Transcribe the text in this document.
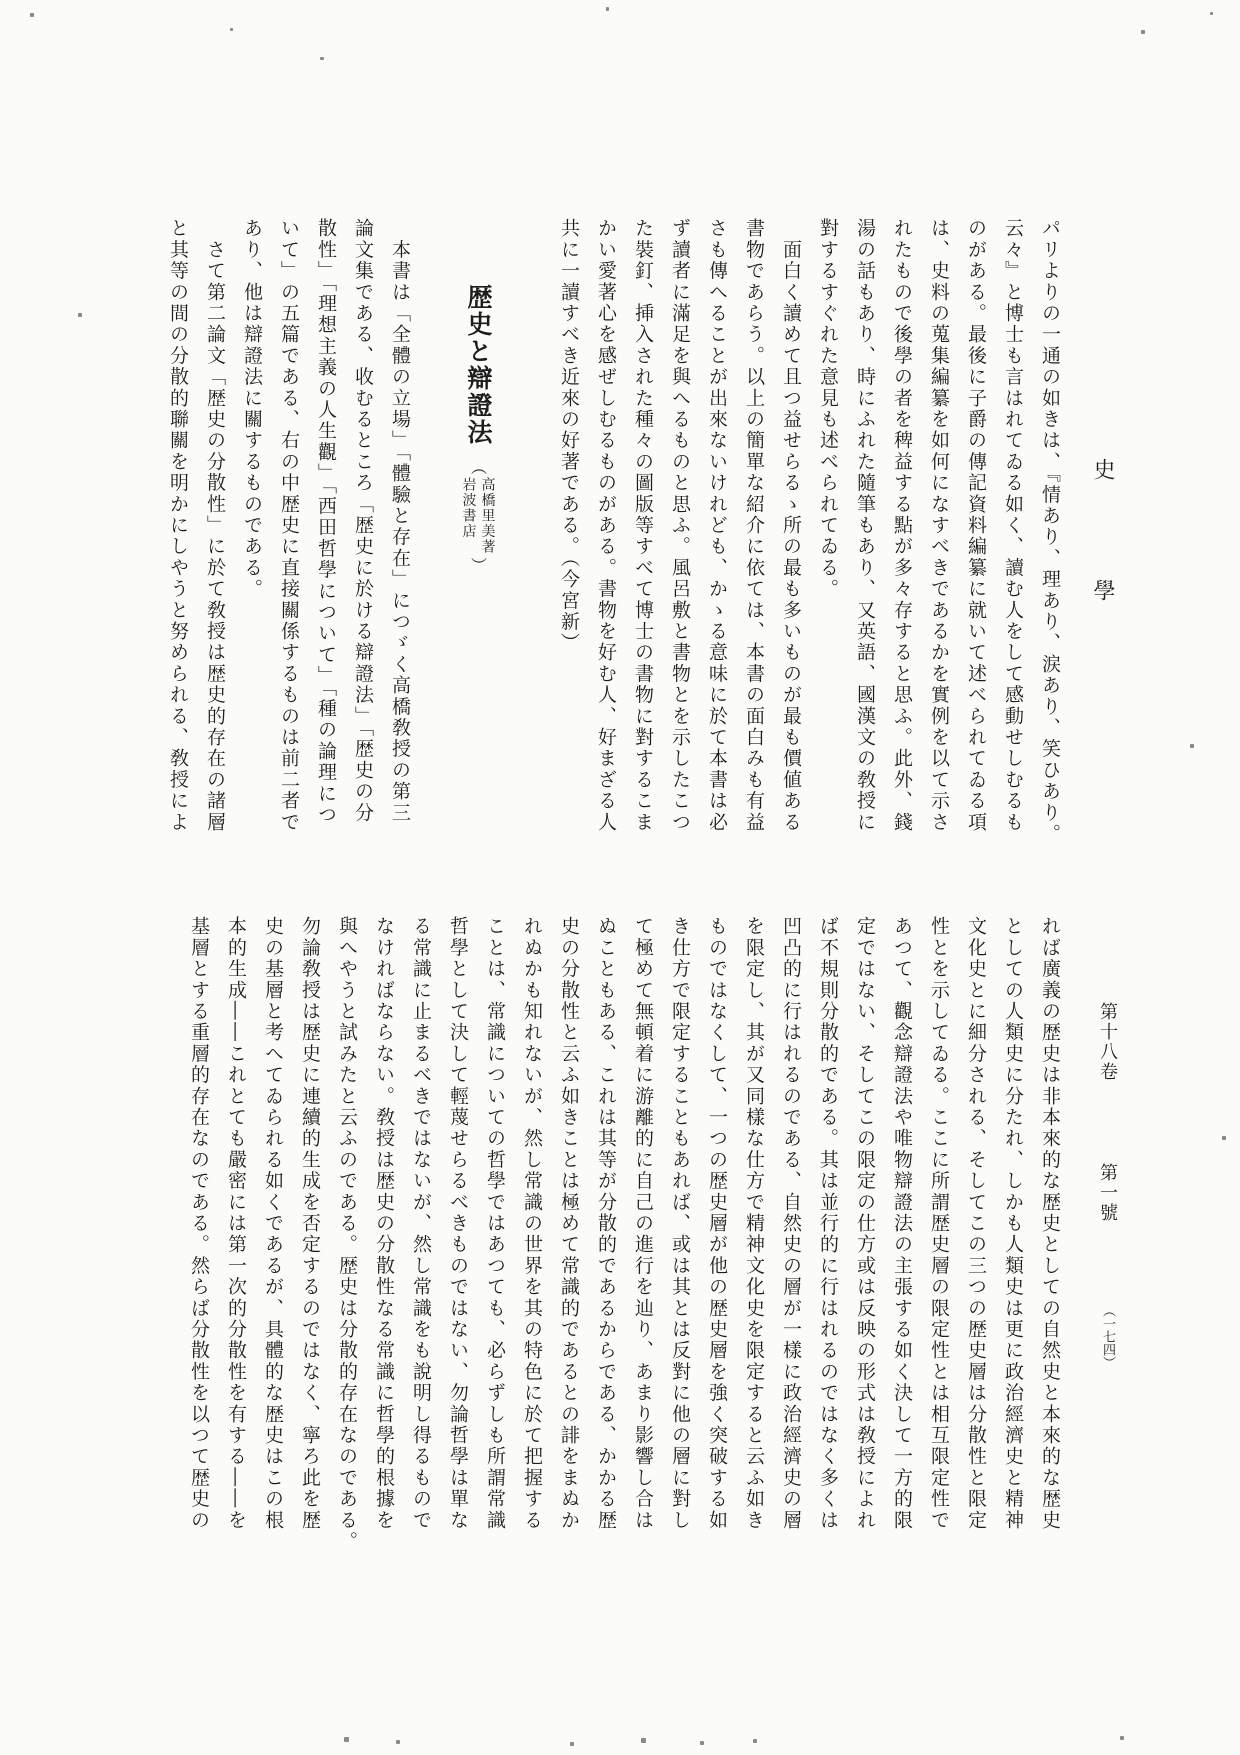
史學
パリよりの一通の如きは、『情あり、理あり、涙あり、笑ひあり。
云々』と博士も言はれてゐる如く、讀む人をして感動せしむるも
のがある。最後に子爵の傳記資料編纂に就いて述べられてゐる項
は、史料の蒐集編纂を如何になすべきであるかを實例を以て示さ
れたもので後學の者を稗益する點が多々存すると思ふ。此外、錢
湯の話もあり、時にふれた隨筆もあり、又英語、國漢文の敎授に
對するすぐれた意見も述べられてゐる。
　面白く讀めて且つ益せらるゝ所の最も多いものが最も價値ある
書物であらう。以上の簡單な紹介に依ては、本書の面白みも有益
さも傳へることが出來ないけれども、かゝる意味に於て本書は必
ず讀者に滿足を與へるものと思ふ。風呂敷と書物とを示したこつ
た裝釘、挿入された種々の圖版等すべて博士の書物に對するこま
かい愛著心を感ぜしむるものがある。書物を好む人、好まざる人
共に一讀すべき近來の好著である。（今宮新）

歴史と辯證法
（
高橋里美著
岩波書店
）

　本書は「全體の立場」「體驗と存在」につゞく高橋敎授の第三
論文集である、收むるところ「歴史に於ける辯證法」「歴史の分
散性」「理想主義の人生觀」「西田哲學について」「種の論理につ
いて」の五篇である、右の中歴史に直接關係するものは前二者で
あり、他は辯證法に關するものである。
　さて第二論文「歴史の分散性」に於て敎授は歴史的存在の諸層
と其等の間の分散的聯關を明かにしやうと努められる、敎授によ
第十八卷 第一號 （一七四）
れば廣義の歴史は非本來的な歴史としての自然史と本來的な歴史
としての人類史に分たれ、しかも人類史は更に政治經濟史と精神
文化史とに細分される、そしてこの三つの歴史層は分散性と限定
性とを示してゐる。ここに所謂歴史層の限定性とは相互限定性で
あつて、觀念辯證法や唯物辯證法の主張する如く決して一方的限
定ではない、そしてこの限定の仕方或は反映の形式は敎授によれ
ば不規則分散的である。其は並行的に行はれるのではなく多くは
凹凸的に行はれるのである、自然史の層が一樣に政治經濟史の層
を限定し、其が又同樣な仕方で精神文化史を限定すると云ふ如き
ものではなくして、一つの歴史層が他の歴史層を強く突破する如
き仕方で限定することもあれば、或は其とは反對に他の層に對し
て極めて無頓着に游離的に自己の進行を辿り、あまり影響し合は
ぬこともある、これは其等が分散的であるからである、かかる歴
史の分散性と云ふ如きことは極めて常識的であるとの誹をまぬか
れぬかも知れないが、然し常識の世界を其の特色に於て把握する
ことは、常識についての哲學ではあつても、必らずしも所謂常識
哲學として決して輕蔑せらるべきものではない、勿論哲學は單な
る常識に止まるべきではないが、然し常識をも說明し得るもので
なければならない。敎授は歴史の分散性なる常識に哲學的根據を
與へやうと試みたと云ふのである。歴史は分散的存在なのである。
勿論敎授は歴史に連續的生成を否定するのではなく、寧ろ此を歴
史の基層と考へてゐられる如くであるが、具體的な歴史はこの根
本的生成――これとても嚴密には第一次的分散性を有する――を
基層とする重層的存在なのである。然らば分散性を以つて歴史の
